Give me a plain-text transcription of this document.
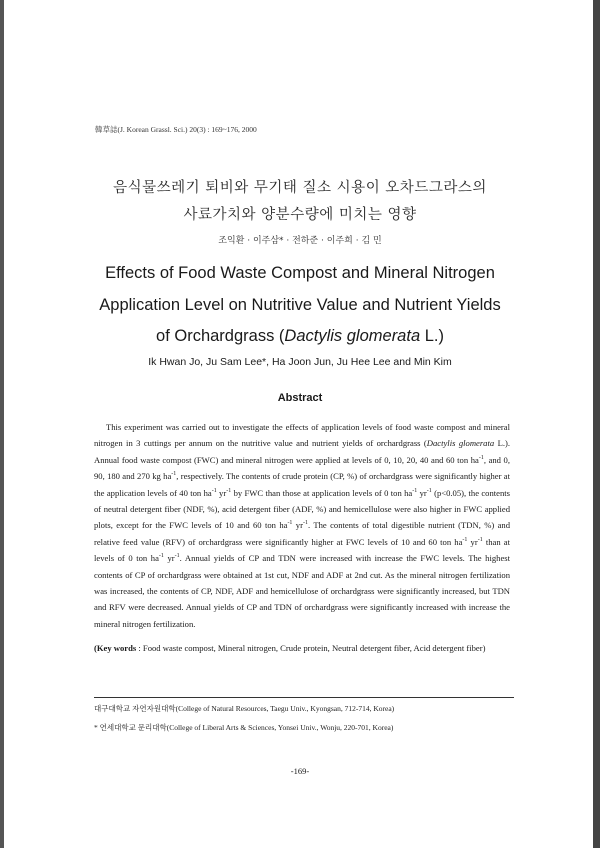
韓草誌(J. Korean Grassl. Sci.) 20(3) : 169~176, 2000
음식물쓰레기 퇴비와 무기태 질소 시용이 오차드그라스의
사료가치와 양분수량에 미치는 영향
조익환 · 이주삼* · 전하준 · 이주희 · 김 민
Effects of Food Waste Compost and Mineral Nitrogen
Application Level on Nutritive Value and Nutrient Yields
of Orchardgrass (Dactylis glomerata L.)
Ik Hwan Jo, Ju Sam Lee*, Ha Joon Jun, Ju Hee Lee and Min Kim
Abstract

This experiment was carried out to investigate the effects of application levels of food waste compost and mineral nitrogen in 3 cuttings per annum on the nutritive value and nutrient yields of orchardgrass (Dactylis glomerata L.). Annual food waste compost (FWC) and mineral nitrogen were applied at levels of 0, 10, 20, 40 and 60 ton $ha^{-1}$, and 0, 90, 180 and 270 kg $ha^{-1}$, respectively. The contents of crude protein (CP, %) of orchardgrass were significantly higher at the application levels of 40 ton $ha^{-1}$ $yr^{-1}$ by FWC than those at application levels of 0 ton $ha^{-1}$ $yr^{-1}$ (p<0.05), the contents of neutral detergent fiber (NDF, %), acid detergent fiber (ADF, %) and hemicellulose were also higher in FWC applied plots, except for the FWC levels of 10 and 60 ton $ha^{-1}$ $yr^{-1}$. The contents of total digestible nutrient (TDN, %) and relative feed value (RFV) of orchardgrass were significantly higher at FWC levels of 10 and 60 ton $ha^{-1}$ $yr^{-1}$ than at levels of 0 ton $ha^{-1}$ $yr^{-1}$. Annual yields of CP and TDN were increased with increase the FWC levels. The highest contents of CP of orchardgrass were obtained at 1st cut, NDF and ADF at 2nd cut. As the mineral nitrogen fertilization was increased, the contents of CP, NDF, ADF and hemicellulose of orchardgrass were significantly increased, but TDN and RFV were decreased. Annual yields of CP and TDN of orchardgrass were significantly increased with increase the mineral nitrogen fertilization.

(Key words : Food waste compost, Mineral nitrogen, Crude protein, Neutral detergent fiber, Acid detergent fiber)
대구대학교 자연자원대학(College of Natural Resources, Taegu Univ., Kyongsan, 712-714, Korea)
* 연세대학교 문리대학(College of Liberal Arts & Sciences, Yonsei Univ., Wonju, 220-701, Korea)
-169-
